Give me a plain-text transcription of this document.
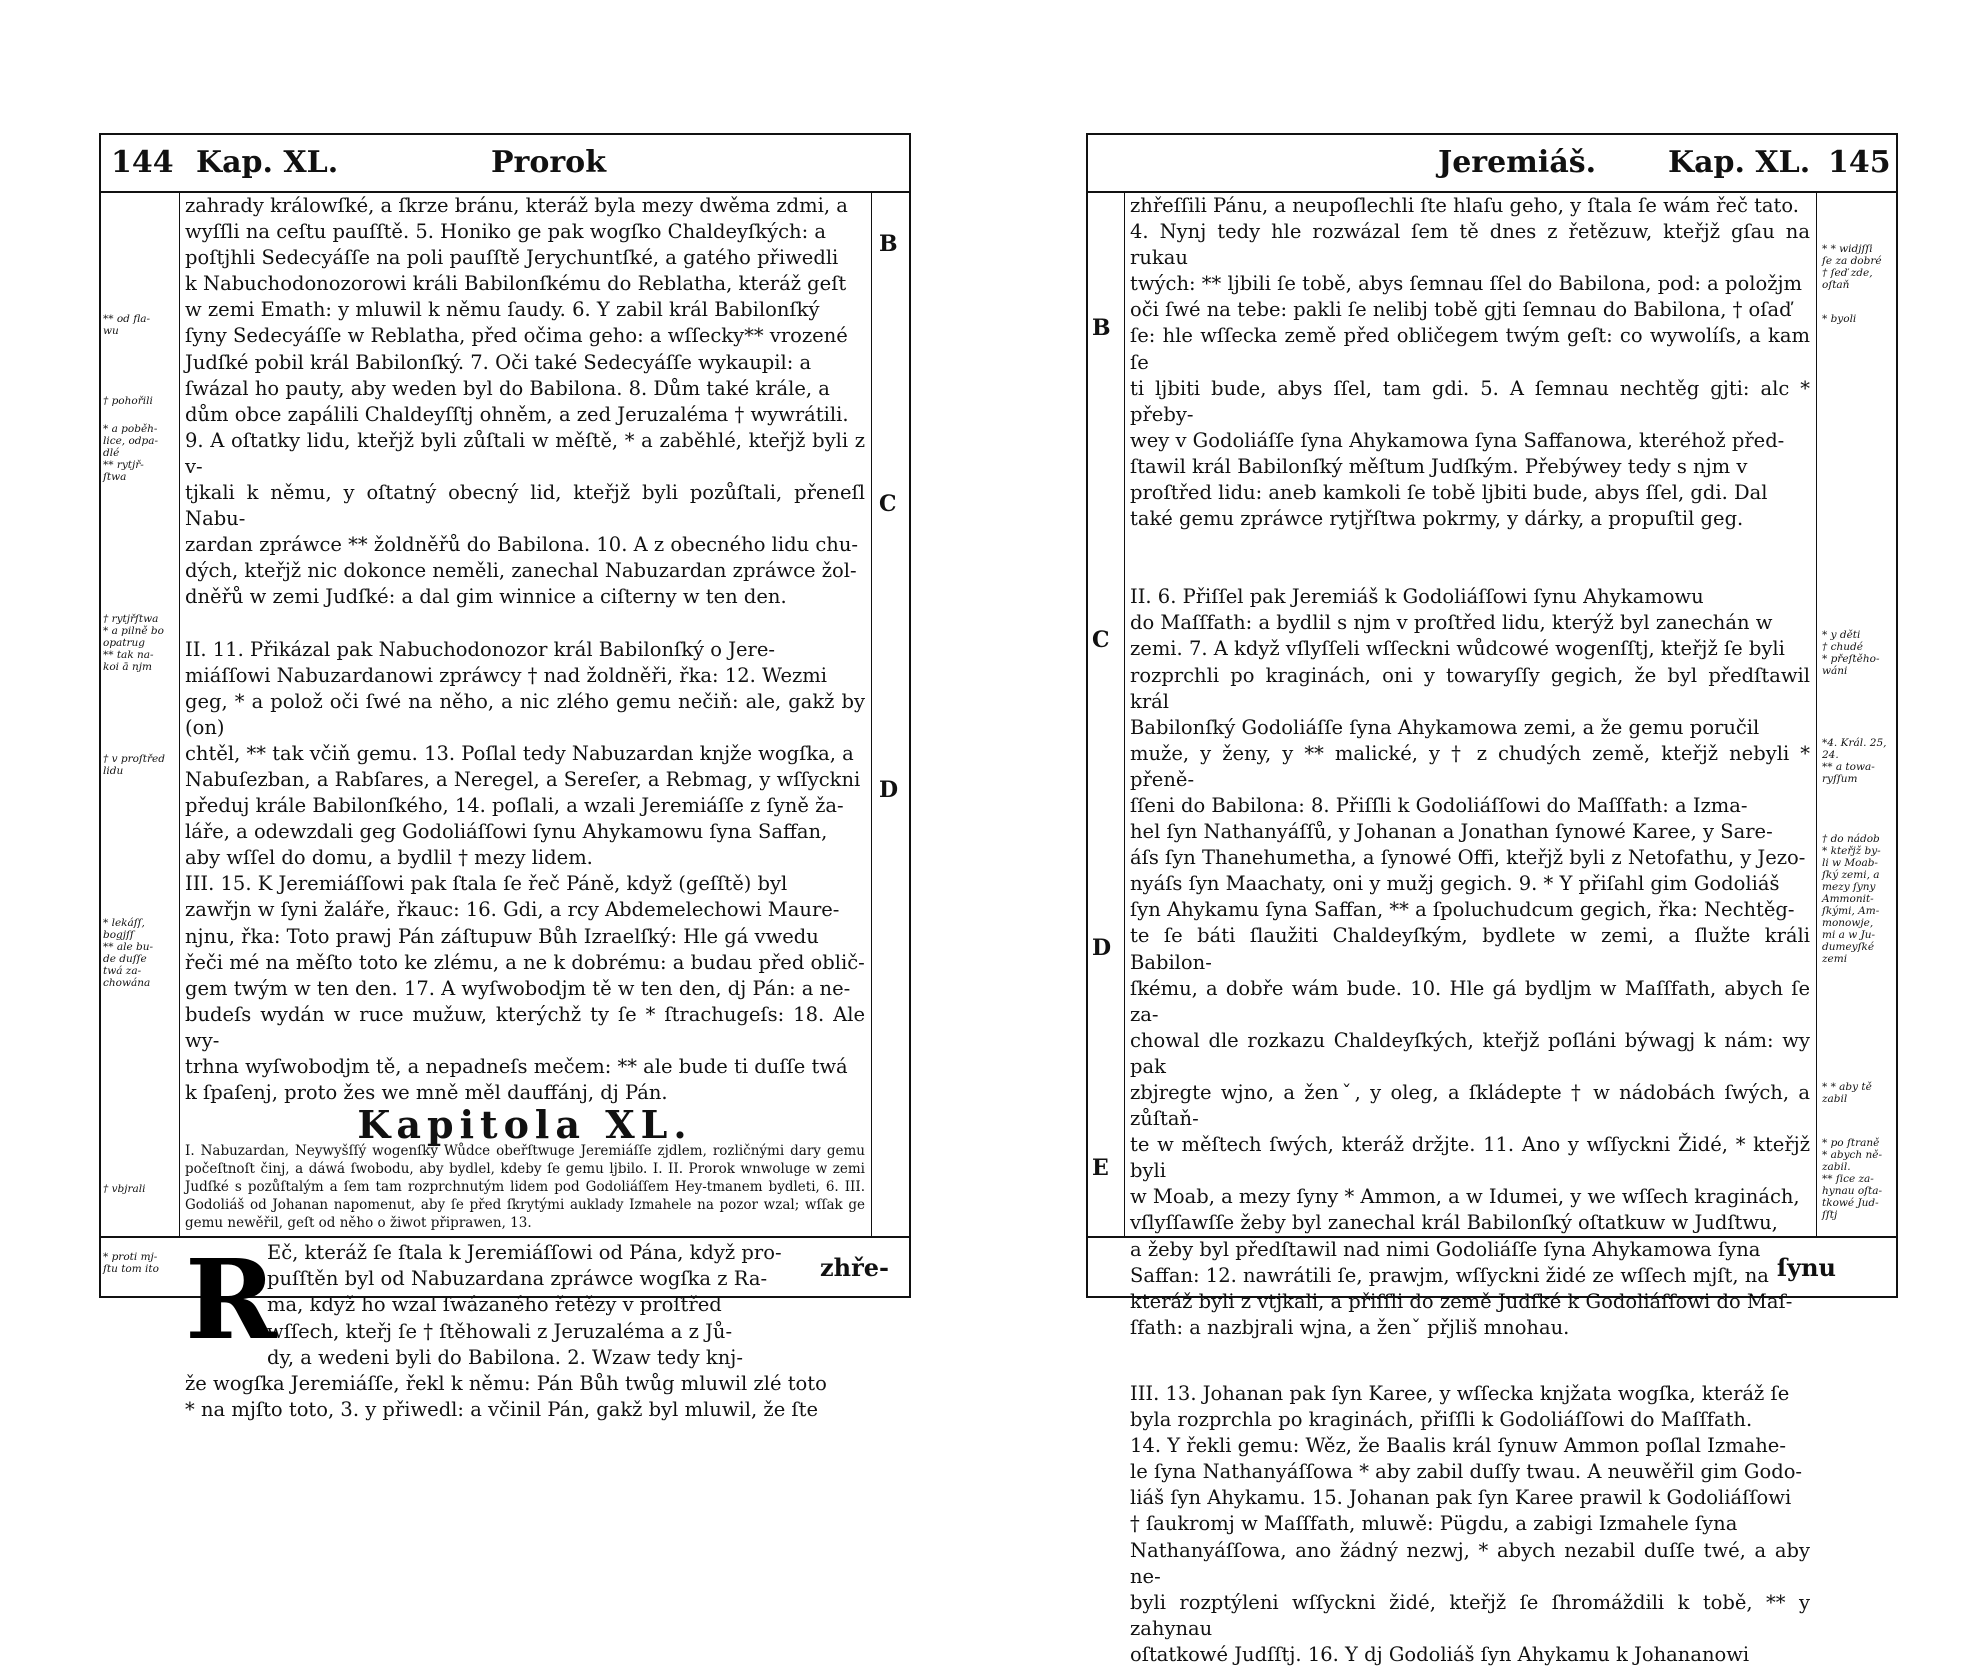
144 Kap. XL.	Prorok
** od fla-
wu
† pohořili
* a poběh-
lice, odpa-
dlé
** rytjř-
ſtwa
† rytjřſtwa
* a pilně bo
opatrug
** tak na-
koi ā njm
† v proſtřed
lidu
* lekáſſ,
bogjſſ
** ale bu-
de duſſe
twá za-
chowána
† vbjrali
* proti mj-
ſtu tom ito
B
C
D

zahrady králowſké, a ſkrze bránu, kteráž byla mezy dwěma zdmi, a

wyſſli na ceſtu pauſſtě. 5. Honiko ge pak wogſko Chaldeyſkých: a

poſtjhli Sedecyáſſe na poli pauſſtě Jerychuntſké, a gatého přiwedli

k Nabuchodonozorowi králi Babilonſkému do Reblatha, kteráž geſt

w zemi Emath: y mluwil k němu ſaudy. 6. Y zabil král Babilonſký

ſyny Sedecyáſſe w Reblatha, před očima geho: a wſſecky** vrozené

Judſké pobil král Babilonſký. 7. Oči také Sedecyáſſe wykaupil: a

ſwázal ho pauty, aby weden byl do Babilona. 8. Dům také krále, a

dům obce zapálili Chaldeyſſtj ohněm, a zed Jeruzaléma † wywrátili.

9. A oſtatky lidu, kteřjž byli zůſtali w měſtě, * a zaběhlé, kteřjž byli z v-

tjkali k němu, y oſtatný obecný lid, kteřjž byli pozůſtali, přeneſl Nabu-

zardan zpráwce ** žoldněřů do Babilona. 10. A z obecného lidu chu-

dých, kteřjž nic dokonce neměli, zanechal Nabuzardan zpráwce žol-

dněřů w zemi Judſké: a dal gim winnice a ciſterny w ten den.

II. 11. Přikázal pak Nabuchodonozor král Babilonſký o Jere-

miáſſowi Nabuzardanowi zpráwcy † nad žoldněři, řka: 12. Wezmi

geg, * a polož oči ſwé na něho, a nic zlého gemu nečiň: ale, gakž by (on)

chtěl, ** tak včiň gemu. 13. Poſlal tedy Nabuzardan knjže wogſka, a

Nabuſezban, a Rabſares, a Neregel, a Sereſer, a Rebmag, y wſſyckni

předuj krále Babilonſkého, 14. poſlali, a wzali Jeremiáſſe z ſyně ža-

láře, a odewzdali geg Godoliáſſowi ſynu Ahykamowu ſyna Saffan,

aby wſſel do domu, a bydlil † mezy lidem.

III. 15. K Jeremiáſſowi pak ſtala ſe řeč Páně, když (geſſtě) byl

zawřjn w ſyni žaláře, řkauc: 16. Gdi, a rcy Abdemelechowi Maure-

njnu, řka: Toto prawj Pán záſtupuw Bůh Izraelſký: Hle gá vwedu

řeči mé na měſto toto ke zlému, a ne k dobrému: a budau před oblič-

gem twým w ten den. 17. A wyſwobodjm tě w ten den, dj Pán: a ne-

budeſs wydán w ruce mužuw, kterýchž ty ſe * ſtrachugeſs: 18. Ale wy-

trhna wyſwobodjm tě, a nepadneſs mečem: ** ale bude ti duſſe twá

k ſpaſenj, proto žes we mně měl dauffánj, dj Pán.

Kapitola XL.
I. Nabuzardan, Neywyšſſý wogenſký Wůdce obeřſtwuge Jeremiáſſe zjdlem, rozličnými dary gemu počeſtnoſt činj, a dáwá ſwobodu, aby bydlel, kdeby ſe gemu ljbilo. I. II. Prorok wnwoluge w zemi Judſké s pozůſtalým a ſem tam rozprchnutým lidem pod Godoliáſſem Hey-tmanem bydleti, 6. III. Godoliáš od Johanan napomenut, aby ſe před ſkrytými auklady Izmahele na pozor wzal; wſſak ge gemu newěřil, geſt od něho o žiwot připrawen, 13.
R

Eč, kteráž ſe ſtala k Jeremiáſſowi od Pána, když pro-

puſſtěn byl od Nabuzardana zpráwce wogſka z Ra-

ma, když ho wzal ſwázaného řetězy v proſtřed

wſſech, kteřj ſe † ſtěhowali z Jeruzaléma a z Jů-

dy, a wedeni byli do Babilona. 2. Wzaw tedy knj-

že wogſka Jeremiáſſe, řekl k němu: Pán Bůh twůg mluwil zlé toto

* na mjſto toto, 3. y přiwedl: a včinil Pán, gakž byl mluwil, že ſte

zhře-
Jeremiáš. Kap. XL. 145
* * widjſſi
ſe za dobré
† ſeď zde,
oſtaň
* byoli
* y děti
† chudé
* přeſtěho-
wáni
*4. Král. 25,
24.
** a towa-
ryſſum
† do nádob
* kteřjž by-
li w Moab-
ſký zemi, a
mezy ſyny
Ammonit-
ſkými, Am-
monowje,
mi a w Ju-
dumeyſké
zemi
* * aby tě
zabil
* po ſtraně
* abych ně-
zabil.
** ſice za-
hynau oſta-
tkowé Jud-
ſſtj
B
C
D
E

zhřeſſili Pánu, a neupoſlechli ſte hlaſu geho, y ſtala ſe wám řeč tato.

4. Nynj tedy hle rozwázal ſem tě dnes z řetězuw, kteřjž gſau na rukau

twých: ** ljbili ſe tobě, abys ſemnau ſſel do Babilona, pod: a položjm

oči ſwé na tebe: pakli ſe nelibj tobě gjti ſemnau do Babilona, † oſaď

ſe: hle wſſecka země před obličegem twým geſt: co wywolíſs, a kam ſe

ti ljbiti bude, abys ſſel, tam gdi. 5. A ſemnau nechtěg gjti: alc * přeby-

wey v Godoliáſſe ſyna Ahykamowa ſyna Saffanowa, kteréhož před-

ſtawil král Babilonſký měſtum Judſkým. Přebýwey tedy s njm v

proſtřed lidu: aneb kamkoli ſe tobě ljbiti bude, abys ſſel, gdi. Dal

také gemu zpráwce rytjřſtwa pokrmy, y dárky, a propuſtil geg.

II. 6. Přiſſel pak Jeremiáš k Godoliáſſowi ſynu Ahykamowu

do Maſſfath: a bydlil s njm v proſtřed lidu, kterýž byl zanechán w

zemi. 7. A když vſlyſſeli wſſeckni wůdcowé wogenſſtj, kteřjž ſe byli

rozprchli po kraginách, oni y towaryſſy gegich, že byl předſtawil král

Babilonſký Godoliáſſe ſyna Ahykamowa zemi, a že gemu poručil

muže, y ženy, y ** malické, y † z chudých země, kteřjž nebyli * přeně-

ſſeni do Babilona: 8. Přiſſli k Godoliáſſowi do Maſſfath: a Izma-

hel ſyn Nathanyáſſů, y Johanan a Jonathan ſynowé Karee, y Sare-

áſs ſyn Thanehumetha, a ſynowé Offi, kteřjž byli z Netofathu, y Jezo-

nyáſs ſyn Maachaty, oni y mužj gegich. 9. * Y přiſahl gim Godoliáš

ſyn Ahykamu ſyna Saffan, ** a ſpoluchudcum gegich, řka: Nechtěg-

te ſe báti ſlaužiti Chaldeyſkým, bydlete w zemi, a ſlužte králi Babilon-

ſkému, a dobře wám bude. 10. Hle gá bydljm w Maſſfath, abych ſe za-

chowal dle rozkazu Chaldeyſkých, kteřjž poſláni býwagj k nám: wy pak

zbjregte wjno, a ženˇ, y oleg, a ſkládepte † w nádobách ſwých, a zůſtaň-

te w měſtech ſwých, kteráž držjte. 11. Ano y wſſyckni Židé, * kteřjž byli

w Moab, a mezy ſyny * Ammon, a w Idumei, y we wſſech kraginách,

vſlyſſawſſe žeby byl zanechal král Babilonſký oſtatkuw w Judſtwu,

a žeby byl předſtawil nad nimi Godoliáſſe ſyna Ahykamowa ſyna

Saffan: 12. nawrátili ſe, prawjm, wſſyckni židé ze wſſech mjſt, na

kteráž byli z vtjkali, a přiſſli do země Judſké k Godoliáſſowi do Maſ-

ſfath: a nazbjrali wjna, a ženˇ přjliš mnohau.

III. 13. Johanan pak ſyn Karee, y wſſecka knjžata wogſka, kteráž ſe

byla rozprchla po kraginách, přiſſli k Godoliáſſowi do Maſſfath.

14. Y řekli gemu: Wěz, že Baalis král ſynuw Ammon poſlal Izmahe-

le ſyna Nathanyáſſowa * aby zabil duſſy twau. A neuwěřil gim Godo-

liáš ſyn Ahykamu. 15. Johanan pak ſyn Karee prawil k Godoliáſſowi

† ſaukromj w Maſſfath, mluwě: Pügdu, a zabigi Izmahele ſyna

Nathanyáſſowa, ano žádný nezwj, * abych nezabil duſſe twé, a aby ne-

byli rozptýleni wſſyckni židé, kteřjž ſe ſhromáždili k tobě, ** y zahynau

oſtatkowé Judſſtj. 16. Y dj Godoliáš ſyn Ahykamu k Johananowi

ſynu
